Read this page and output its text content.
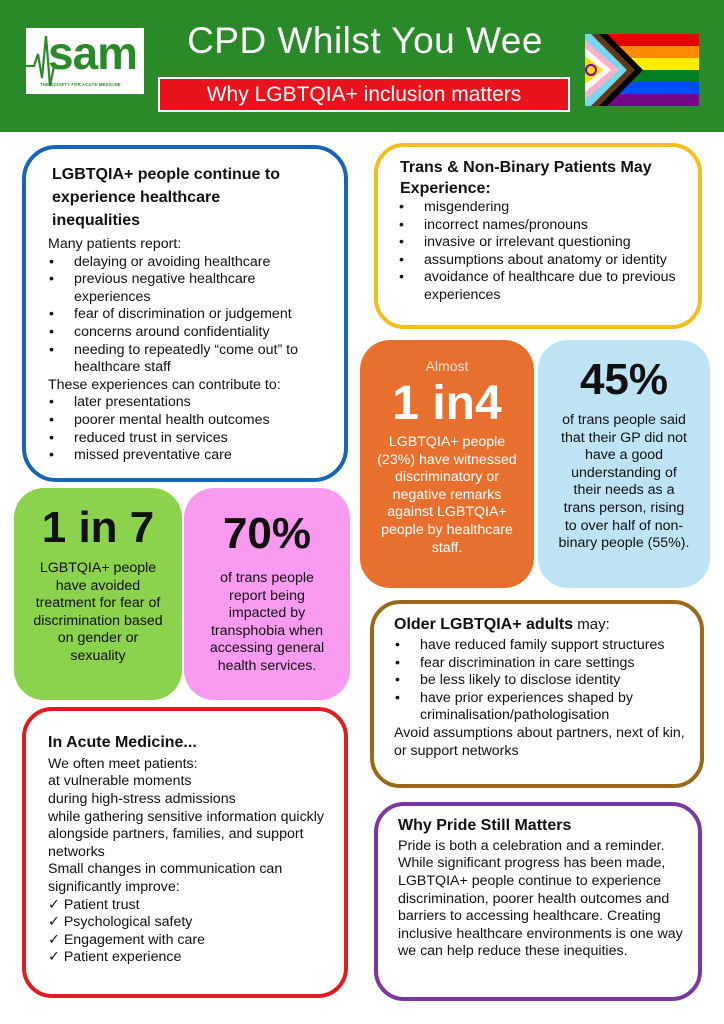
sam
THE SOCIETY FOR ACUTE MEDICINE
CPD Whilst You Wee
Why LGBTQIA+ inclusion matters
LGBTQIA+ people continue to experience healthcare inequalities
Many patients report:
• delaying or avoiding healthcare
• previous negative healthcare experiences
• fear of discrimination or judgement
• concerns around confidentiality
• needing to repeatedly “come out” to healthcare staff
These experiences can contribute to:
• later presentations
• poorer mental health outcomes
• reduced trust in services
• missed preventative care
Trans & Non-Binary Patients May Experience:
• misgendering
• incorrect names/pronouns
• invasive or irrelevant questioning
• assumptions about anatomy or identity
• avoidance of healthcare due to previous experiences
Almost
1 in4
LGBTQIA+ people (23%) have witnessed discriminatory or negative remarks against LGBTQIA+ people by healthcare staff.
45%
of trans people said that their GP did not have a good understanding of their needs as a trans person, rising to over half of non-binary people (55%).
1 in 7
LGBTQIA+ people have avoided treatment for fear of discrimination based on gender or sexuality
70%
of trans people report being impacted by transphobia when accessing general health services.
Older LGBTQIA+ adults may:
• have reduced family support structures
• fear discrimination in care settings
• be less likely to disclose identity
• have prior experiences shaped by criminalisation/pathologisation
Avoid assumptions about partners, next of kin, or support networks
In Acute Medicine...
We often meet patients:
at vulnerable moments
during high-stress admissions
while gathering sensitive information quickly
alongside partners, families, and support networks
Small changes in communication can significantly improve:
✓ Patient trust
✓ Psychological safety
✓ Engagement with care
✓ Patient experience
Why Pride Still Matters
Pride is both a celebration and a reminder. While significant progress has been made, LGBTQIA+ people continue to experience discrimination, poorer health outcomes and barriers to accessing healthcare. Creating inclusive healthcare environments is one way we can help reduce these inequities.
